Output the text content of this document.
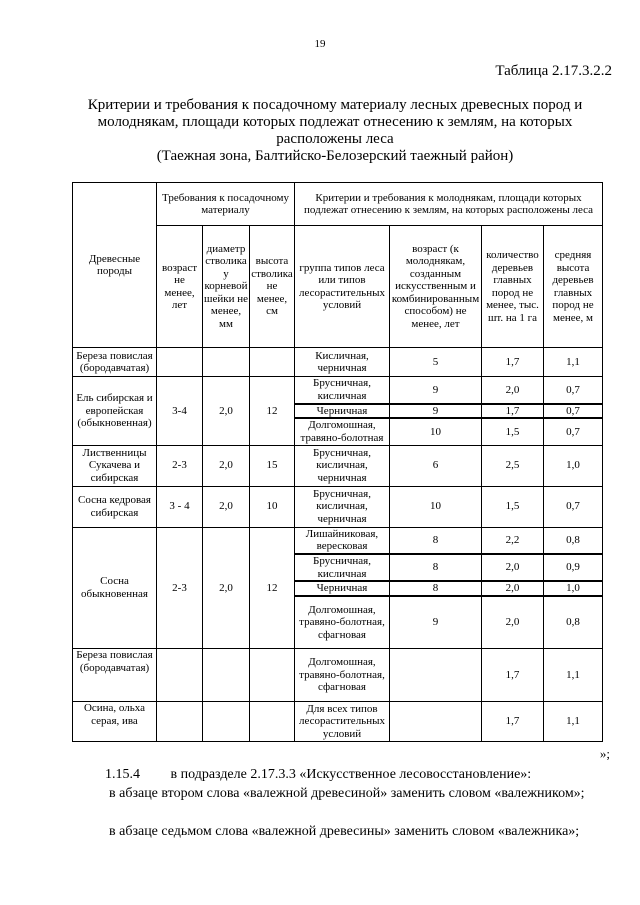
19
Таблица 2.17.3.2.2
Критерии и требования к посадочному материалу лесных древесных пород и
молоднякам, площади которых подлежат отнесению к землям, на которых
расположены леса
(Таежная зона, Балтийско-Белозерский таежный район)
Древесные породы	Требования к посадочному материалу			Критерии и требования к молоднякам, площади которых подлежат отнесению к землям, на которых расположены леса			
	возраст не менее, лет	диаметр стволика у корневой шейки не менее, мм	высота стволика не менее, см	группа типов леса или типов лесорастительных условий	возраст (к молоднякам, созданным искусственным и комбинированным способом) не менее, лет	количество деревьев главных пород не менее, тыс. шт. на 1 га	средняя высота деревьев главных пород не менее, м
Береза повислая (бородавчатая)				Кисличная, черничная	5	1,7	1,1
Ель сибирская и европейская (обыкновенная)	3-4	2,0	12	Брусничная, кисличная	9	2,0	0,7
				Черничная	9	1,7	0,7
				Долгомошная, травяно-болотная	10	1,5	0,7

Лиственницы Сукачева и сибирская	2-3	2,0	15	Брусничная, кисличная, черничная	6	2,5	1,0
Сосна кедровая сибирская	3 - 4	2,0	10	Брусничная, кисличная, черничная	10	1,5	0,7
Сосна обыкновенная	2-3	2,0	12	Лишайниковая, вересковая	8	2,2	0,8
				Брусничная, кисличная	8	2,0	0,9
				Черничная	8	2,0	1,0
				Долгомошная, травяно-болотная, сфагновая	9	2,0	0,8
Береза повислая (бородавчатая)				Долгомошная, травяно-болотная, сфагновая		1,7	1,1
Осина, ольха серая, ива				Для всех типов лесорастительных условий		1,7	1,1
»;
1.15.4 в подразделе 2.17.3.3 «Искусственное лесовосстановление»:
в абзаце втором слова «валежной древесиной» заменить словом «валежником»;
в абзаце седьмом слова «валежной древесины» заменить словом «валежника»;
